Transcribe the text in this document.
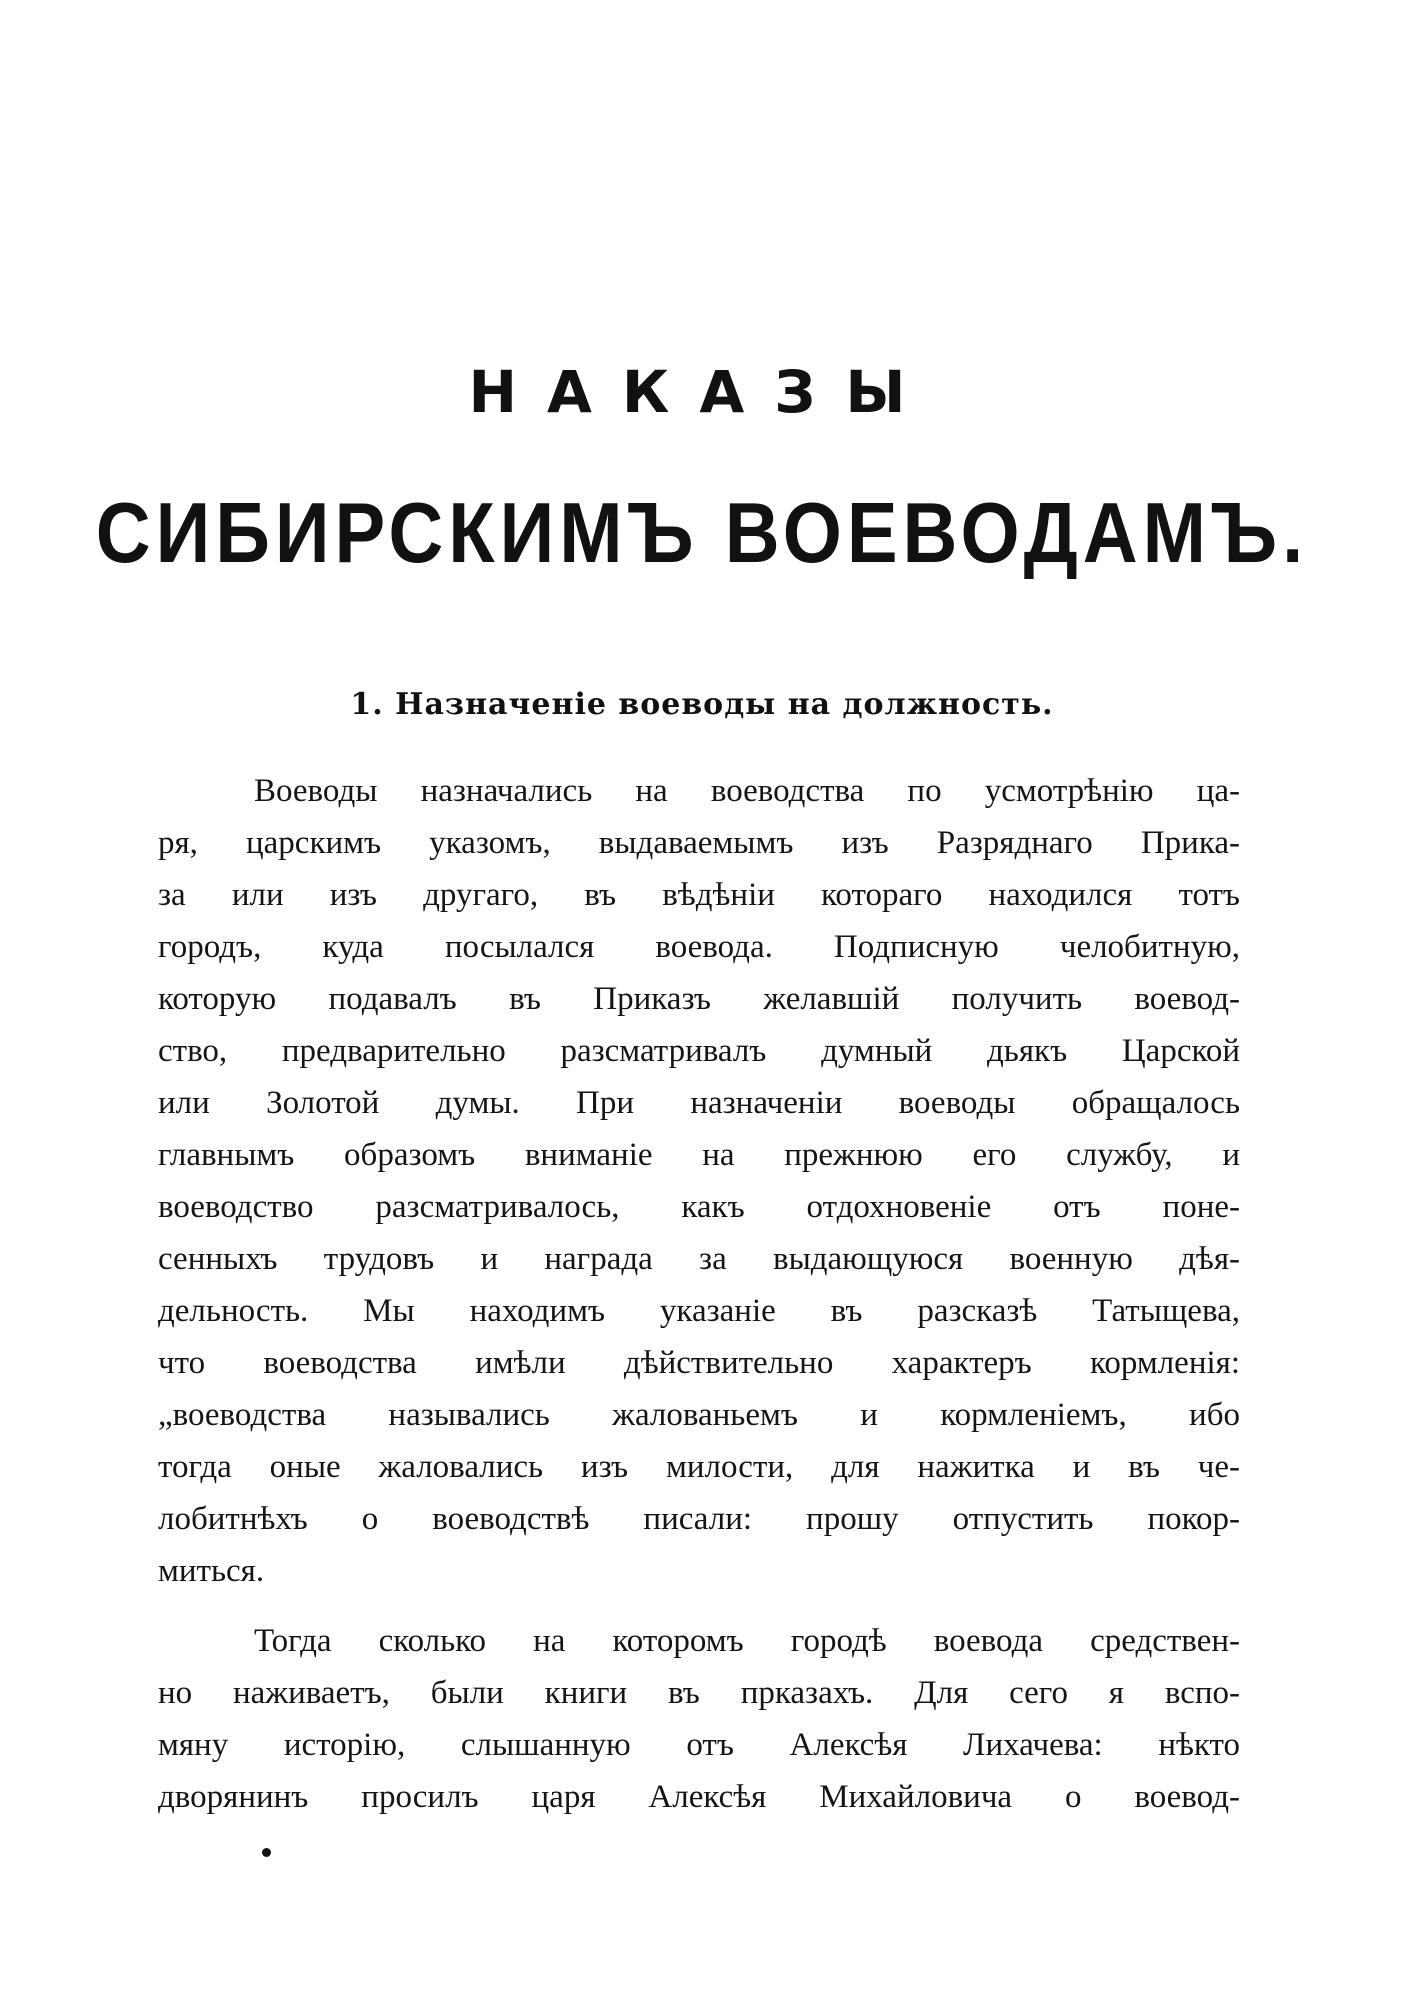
НАКАЗЫ
СИБИРСКИМЪ ВОЕВОДАМЪ.
1. Назначеніе воеводы на должность.
Воеводы назначались на воеводства по усмотрѣнію ца-
ря, царскимъ указомъ, выдаваемымъ изъ Разряднаго Прика-
за или изъ другаго, въ вѣдѣніи котораго находился тотъ
городъ, куда посылался воевода. Подписную челобитную,
которую подавалъ въ Приказъ желавшій получить воевод-
ство, предварительно разсматривалъ думный дьякъ Царской
или Золотой думы. При назначеніи воеводы обращалось
главнымъ образомъ вниманіе на прежнюю его службу, и
воеводство разсматривалось, какъ отдохновеніе отъ поне-
сенныхъ трудовъ и награда за выдающуюся военную дѣя-
дельность. Мы находимъ указаніе въ разсказѣ Татыщева,
что воеводства имѣли дѣйствительно характеръ кормленія:
„воеводства назывались жалованьемъ и кормленіемъ, ибо
тогда оные жаловались изъ милости, для нажитка и въ че-
лобитнѣхъ о воеводствѣ писали: прошу отпустить покор-
миться.
Тогда сколько на которомъ городѣ воевода средствен-
но наживаетъ, были книги въ прказахъ. Для сего я вспо-
мяну исторію, слышанную отъ Алексѣя Лихачева: нѣкто
дворянинъ просилъ царя Алексѣя Михайловича о воевод-
